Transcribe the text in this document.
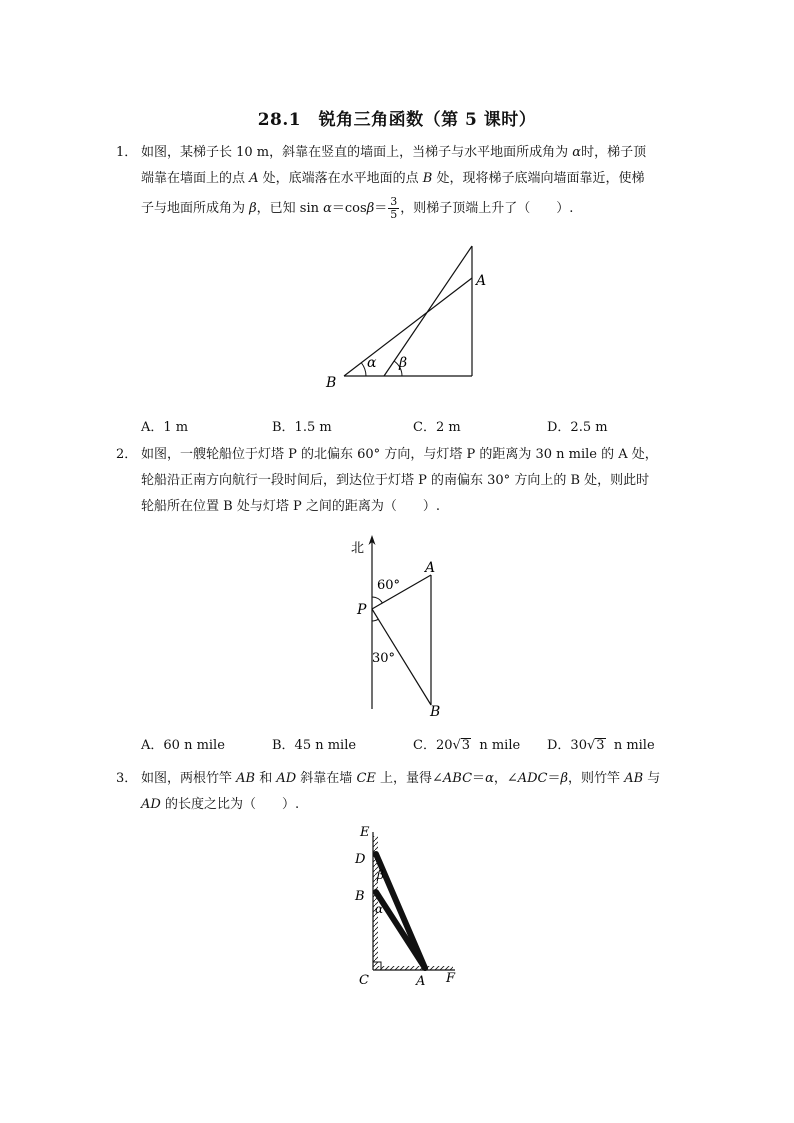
28.1　锐角三角函数（第 5 课时）
1． 如图，某梯子长 10 m，斜靠在竖直的墙面上，当梯子与水平地面所成角为 α时，梯子顶
端靠在墙面上的点 A 处，底端落在水平地面的点 B 处，现将梯子底端向墙面靠近，使梯
子与地面所成角为 β，已知 $\sin \alpha=\cos\beta= \frac{3}{5}$ ，则梯子顶端上升了（　　）.
B
A
α β
A．1 m	B．1.5 m	C．2 m	D．2.5 m
2． 如图，一艘轮船位于灯塔 P 的北偏东 60° 方向，与灯塔 P 的距离为 30 n mile 的 A 处，
轮船沿正南方向航行一段时间后，到达位于灯塔 P 的南偏东 30° 方向上的 B 处，则此时
轮船所在位置 B 处与灯塔 P 之间的距离为（　　）.
北
60°
P
A
30°
B
A．60 n mile	B．45 n mile	C．20√3 n mile D．30√3 n mile
3． 如图，两根竹竿 AB 和 AD 斜靠在墙 CE 上，量得∠ABC＝α，∠ADC＝β，则竹竿 AB 与
AD 的长度之比为（　　）.
E
D
β
B
α
C	A F
